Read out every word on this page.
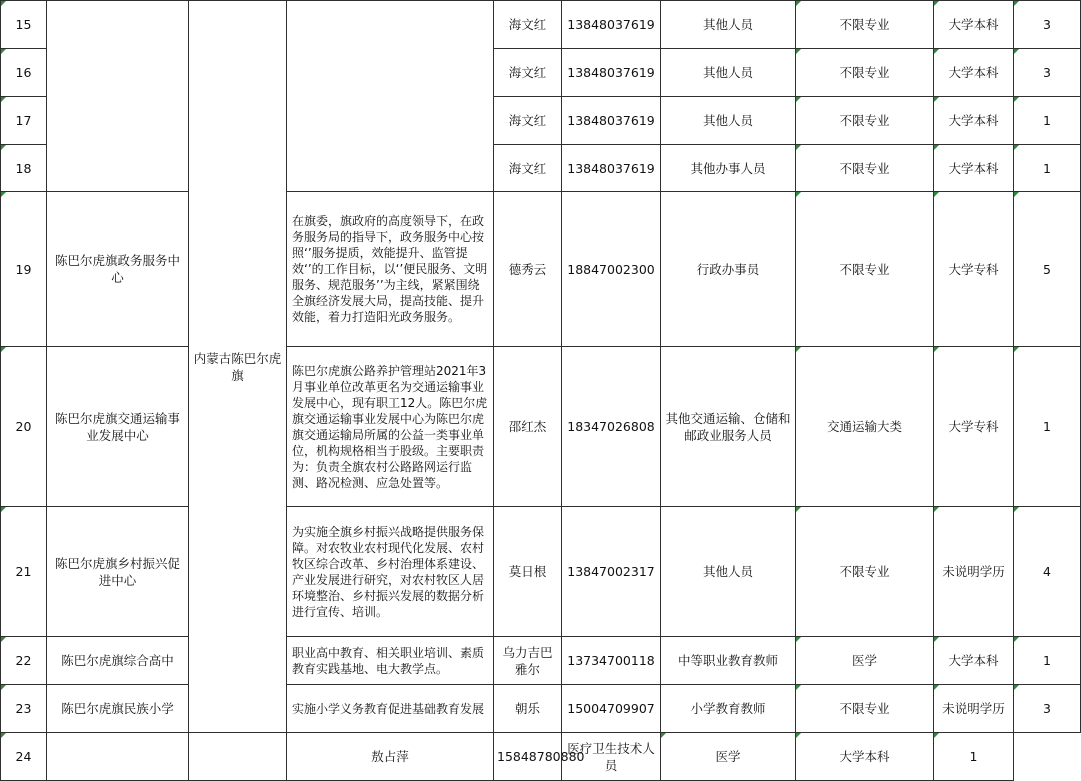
15		内蒙古陈巴尔虎旗		海文红	13848037619	其他人员	不限专业	大学本科	3
16				海文红	13848037619	其他人员	不限专业	大学本科	3
17				海文红	13848037619	其他人员	不限专业	大学本科	1
18				海文红	13848037619	其他办事人员	不限专业	大学本科	1
19	陈巴尔虎旗政务服务中心		在旗委，旗政府的高度领导下，在政务服务局的指导下，政务服务中心按照‘’服务提质，效能提升、监管提效‘’的工作目标，以‘’便民服务、文明服务、规范服务’’为主线，紧紧围绕全旗经济发展大局，提高技能、提升效能，着力打造阳光政务服务。	德秀云	18847002300	行政办事员	不限专业	大学专科	5
20	陈巴尔虎旗交通运输事业发展中心		陈巴尔虎旗公路养护管理站2021年3月事业单位改革更名为交通运输事业发展中心，现有职工12人。陈巴尔虎旗交通运输事业发展中心为陈巴尔虎旗交通运输局所属的公益一类事业单位，机构规格相当于股级。主要职责为：负责全旗农村公路路网运行监测、路况检测、应急处置等。	邵红杰	18347026808	其他交通运输、仓储和邮政业服务人员	交通运输大类	大学专科	1
21	陈巴尔虎旗乡村振兴促进中心		为实施全旗乡村振兴战略提供服务保障。对农牧业农村现代化发展、农村牧区综合改革、乡村治理体系建设、产业发展进行研究，对农村牧区人居环境整治、乡村振兴发展的数据分析进行宣传、培训。	莫日根	13847002317	其他人员	不限专业	未说明学历	4
22	陈巴尔虎旗综合高中		职业高中教育、相关职业培训、素质教育实践基地、电大教学点。	乌力吉巴雅尔	13734700118	中等职业教育教师	医学	大学本科	1
23	陈巴尔虎旗民族小学		实施小学义务教育促进基础教育发展	朝乐	15004709907	小学教育教师	不限专业	未说明学历	3
24			敖占萍	15848780880	医疗卫生技术人员	医学	大学本科	1	
